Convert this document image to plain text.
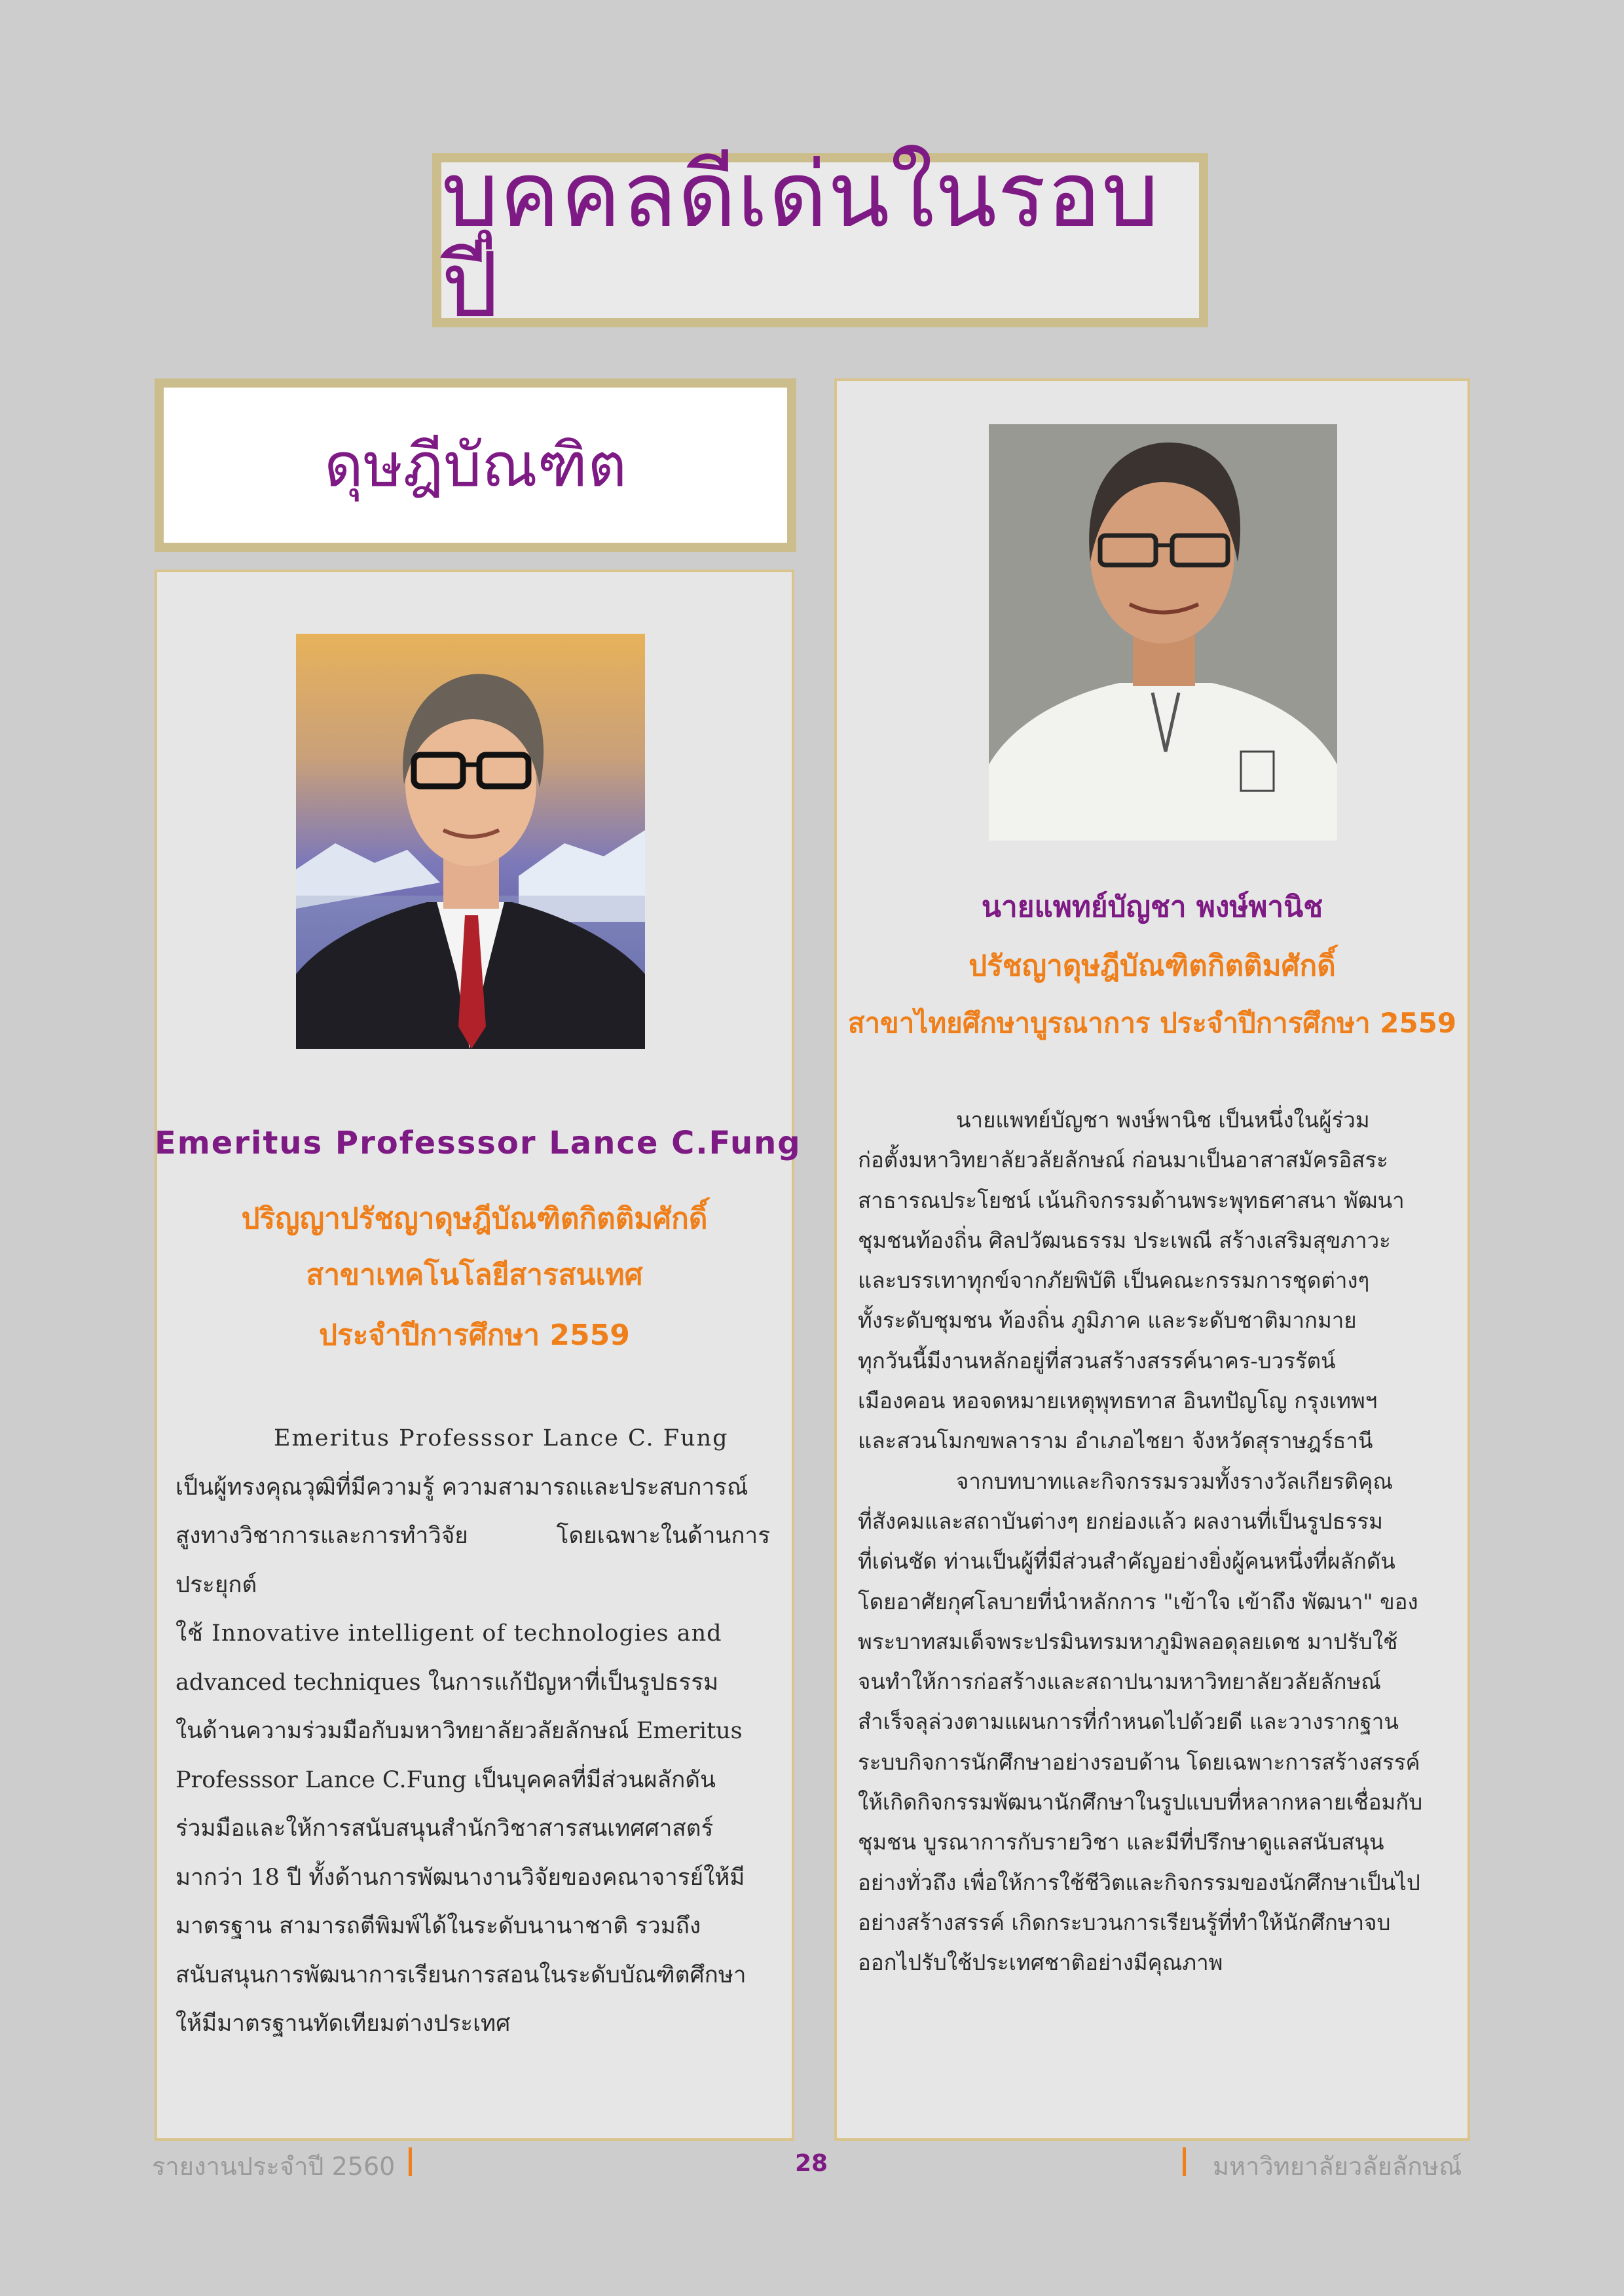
บุคคลดีเด่นในรอบปี
ดุษฎีบัณฑิต
Emeritus Professsor Lance C.Fung
ปริญญาปรัชญาดุษฎีบัณฑิตกิตติมศักดิ์
สาขาเทคโนโลยีสารสนเทศ
ประจำปีการศึกษา 2559

Emeritus Professsor Lance C. Fung

เป็นผู้ทรงคุณวุฒิที่มีความรู้ ความสามารถและประสบการณ์

สูงทางวิชาการและการทำวิจัย โดยเฉพาะในด้านการประยุกต์

ใช้ Innovative intelligent of technologies and

advanced techniques ในการแก้ปัญหาที่เป็นรูปธรรม

ในด้านความร่วมมือกับมหาวิทยาลัยวลัยลักษณ์ Emeritus

Professsor Lance C.Fung เป็นบุคคลที่มีส่วนผลักดัน

ร่วมมือและให้การสนับสนุนสำนักวิชาสารสนเทศศาสตร์

มากว่า 18 ปี ทั้งด้านการพัฒนางานวิจัยของคณาจารย์ให้มี

มาตรฐาน สามารถตีพิมพ์ได้ในระดับนานาชาติ รวมถึง

สนับสนุนการพัฒนาการเรียนการสอนในระดับบัณฑิตศึกษา

ให้มีมาตรฐานทัดเทียมต่างประเทศ

นายแพทย์บัญชา พงษ์พานิช
ปรัชญาดุษฎีบัณฑิตกิตติมศักดิ์
สาขาไทยศึกษาบูรณาการ ประจำปีการศึกษา 2559

นายแพทย์บัญชา พงษ์พานิช เป็นหนึ่งในผู้ร่วม

ก่อตั้งมหาวิทยาลัยวลัยลักษณ์ ก่อนมาเป็นอาสาสมัครอิสระ

สาธารณประโยชน์ เน้นกิจกรรมด้านพระพุทธศาสนา พัฒนา

ชุมชนท้องถิ่น ศิลปวัฒนธรรม ประเพณี สร้างเสริมสุขภาวะ

และบรรเทาทุกข์จากภัยพิบัติ เป็นคณะกรรมการชุดต่างๆ

ทั้งระดับชุมชน ท้องถิ่น ภูมิภาค และระดับชาติมากมาย

ทุกวันนี้มีงานหลักอยู่ที่สวนสร้างสรรค์นาคร-บวรรัตน์

เมืองคอน หอจดหมายเหตุพุทธทาส อินทปัญโญ กรุงเทพฯ

และสวนโมกขพลาราม อำเภอไชยา จังหวัดสุราษฎร์ธานี

จากบทบาทและกิจกรรมรวมทั้งรางวัลเกียรติคุณ

ที่สังคมและสถาบันต่างๆ ยกย่องแล้ว ผลงานที่เป็นรูปธรรม

ที่เด่นชัด ท่านเป็นผู้ที่มีส่วนสำคัญอย่างยิ่งผู้คนหนึ่งที่ผลักดัน

โดยอาศัยกุศโลบายที่นำหลักการ "เข้าใจ เข้าถึง พัฒนา" ของ

พระบาทสมเด็จพระปรมินทรมหาภูมิพลอดุลยเดช มาปรับใช้

จนทำให้การก่อสร้างและสถาปนามหาวิทยาลัยวลัยลักษณ์

สำเร็จลุล่วงตามแผนการที่กำหนดไปด้วยดี และวางรากฐาน

ระบบกิจการนักศึกษาอย่างรอบด้าน โดยเฉพาะการสร้างสรรค์

ให้เกิดกิจกรรมพัฒนานักศึกษาในรูปแบบที่หลากหลายเชื่อมกับ

ชุมชน บูรณาการกับรายวิชา และมีที่ปรึกษาดูแลสนับสนุน

อย่างทั่วถึง เพื่อให้การใช้ชีวิตและกิจกรรมของนักศึกษาเป็นไป

อย่างสร้างสรรค์ เกิดกระบวนการเรียนรู้ที่ทำให้นักศึกษาจบ

ออกไปรับใช้ประเทศชาติอย่างมีคุณภาพ

รายงานประจำปี 2560	28	มหาวิทยาลัยวลัยลักษณ์
